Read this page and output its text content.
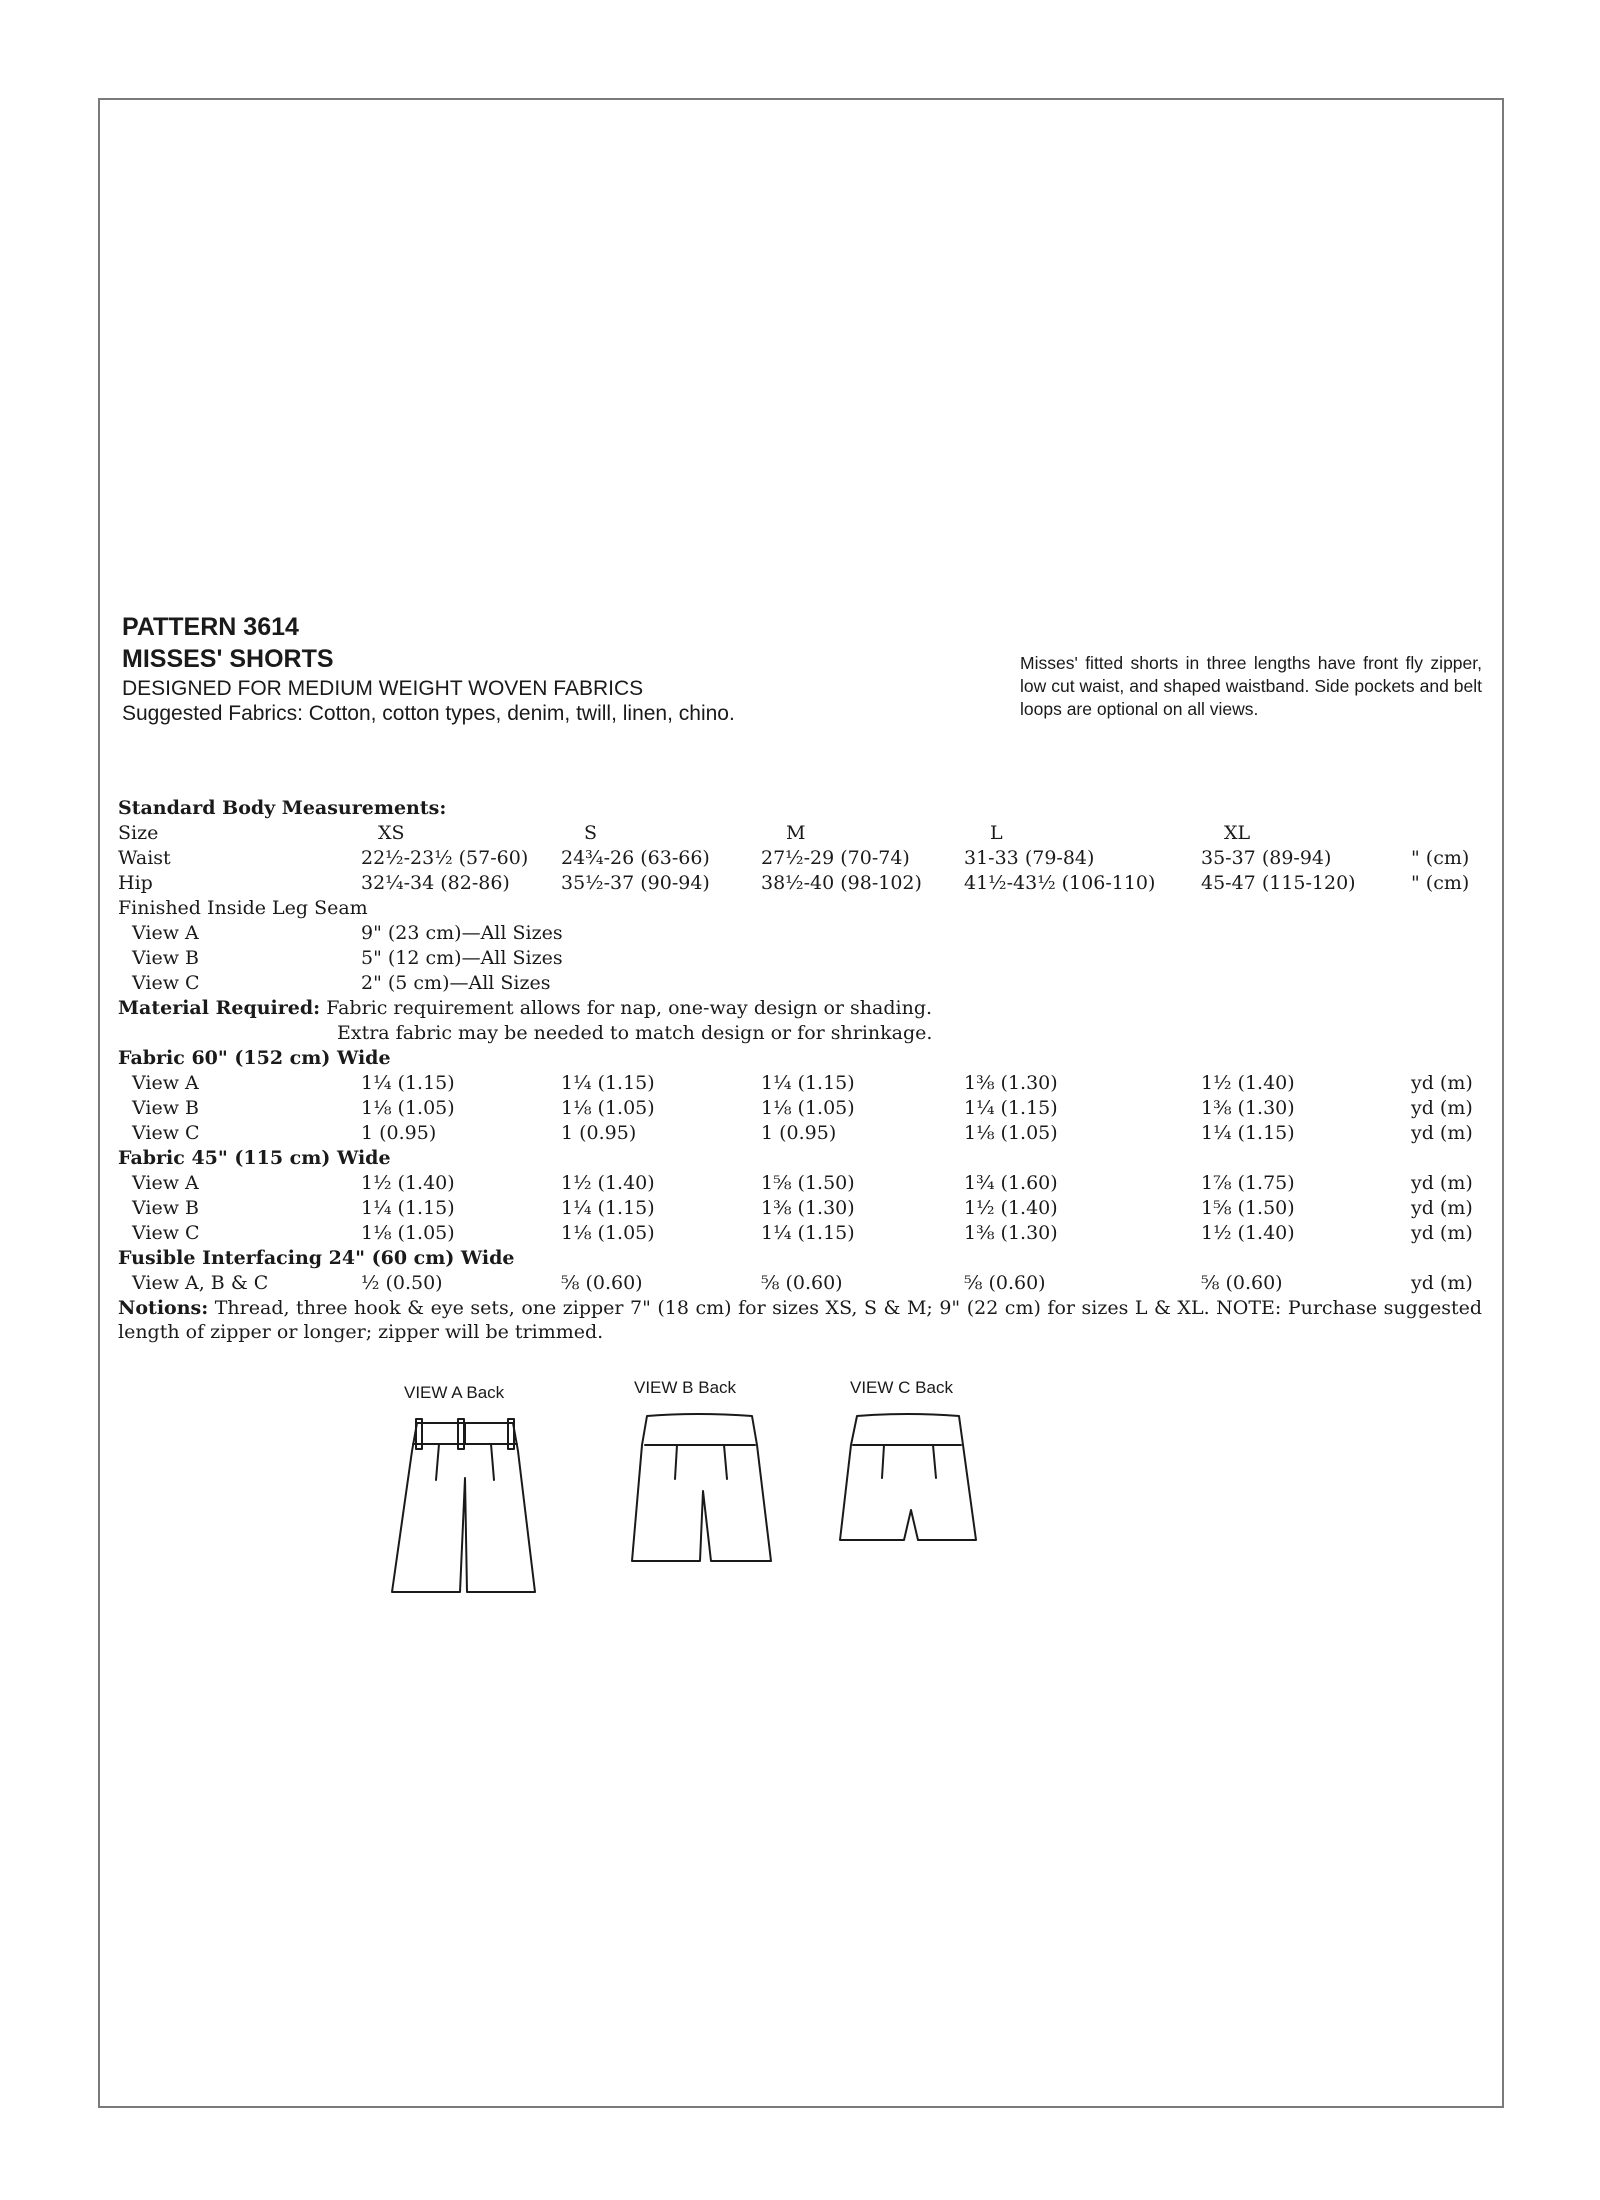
PATTERN 3614
MISSES' SHORTS
DESIGNED FOR MEDIUM WEIGHT WOVEN FABRICS
Suggested Fabrics: Cotton, cotton types, denim, twill, linen, chino.
Misses' fitted shorts in three lengths have front fly zipper, low cut waist, and shaped waistband. Side pockets and belt loops are optional on all views.
Standard Body Measurements:
Size	XS	S	M	L	XL
Waist	22½-23½ (57-60) 24¾-26 (63-66)	27½-29 (70-74)	31-33 (79-84)	35-37 (89-94)	" (cm)
Hip	32¼-34 (82-86)	35½-37 (90-94)	38½-40 (98-102) 41½-43½ (106-110) 45-47 (115-120)	" (cm)
Finished Inside Leg Seam
View A	9" (23 cm)—All Sizes
View B	5" (12 cm)—All Sizes
View C	2" (5 cm)—All Sizes
Material Required: Fabric requirement allows for nap, one-way design or shading.
Extra fabric may be needed to match design or for shrinkage.
Fabric 60" (152 cm) Wide
View A	1¼ (1.15)	1¼ (1.15)	1¼ (1.15)	1⅜ (1.30)	1½ (1.40)	yd (m)
View B	1⅛ (1.05)	1⅛ (1.05)	1⅛ (1.05)	1¼ (1.15)	1⅜ (1.30)	yd (m)
View C	1 (0.95)	1 (0.95)	1 (0.95)	1⅛ (1.05)	1¼ (1.15)	yd (m)
Fabric 45" (115 cm) Wide
View A	1½ (1.40)	1½ (1.40)	1⅝ (1.50)	1¾ (1.60)	1⅞ (1.75)	yd (m)
View B	1¼ (1.15)	1¼ (1.15)	1⅜ (1.30)	1½ (1.40)	1⅝ (1.50)	yd (m)
View C	1⅛ (1.05)	1⅛ (1.05)	1¼ (1.15)	1⅜ (1.30)	1½ (1.40)	yd (m)
Fusible Interfacing 24" (60 cm) Wide
View A, B & C	½ (0.50)	⅝ (0.60)	⅝ (0.60)	⅝ (0.60)	⅝ (0.60)	yd (m)
Notions: Thread, three hook & eye sets, one zipper 7" (18 cm) for sizes XS, S & M; 9" (22 cm) for sizes L & XL. NOTE: Purchase suggested length of zipper or longer; zipper will be trimmed.
VIEW A Back	VIEW B Back	VIEW C Back
